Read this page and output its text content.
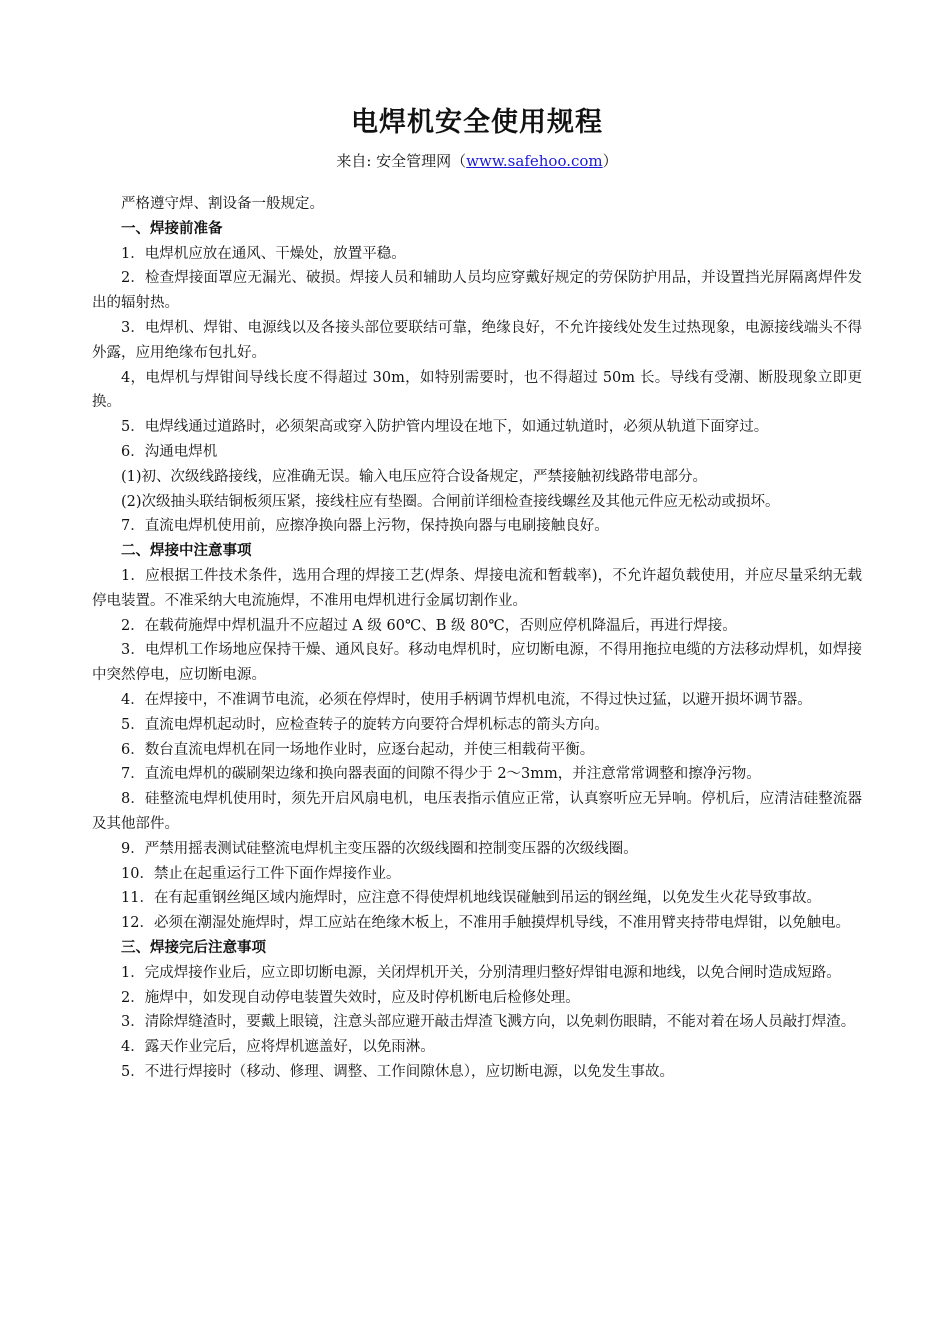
电焊机安全使用规程
来自: 安全管理网（www.safehoo.com）

严格遵守焊、割设备一般规定。

一、焊接前准备

1．电焊机应放在通风、干燥处，放置平稳。

2．检查焊接面罩应无漏光、破损。焊接人员和辅助人员均应穿戴好规定的劳保防护用品，并设置挡光屏隔离焊件发出的辐射热。

3．电焊机、焊钳、电源线以及各接头部位要联结可靠，绝缘良好，不允许接线处发生过热现象，电源接线端头不得外露，应用绝缘布包扎好。

4，电焊机与焊钳间导线长度不得超过 30m，如特别需要时，也不得超过 50m 长。导线有受潮、断股现象立即更换。

5．电焊线通过道路时，必须架高或穿入防护管内埋设在地下，如通过轨道时，必须从轨道下面穿过。

6．沟通电焊机

(1)初、次级线路接线，应准确无误。输入电压应符合设备规定，严禁接触初线路带电部分。

(2)次级抽头联结铜板须压紧，接线柱应有垫圈。合闸前详细检查接线螺丝及其他元件应无松动或损坏。

7．直流电焊机使用前，应擦净换向器上污物，保持换向器与电刷接触良好。

二、焊接中注意事项

1．应根据工件技术条件，选用合理的焊接工艺(焊条、焊接电流和暂载率)，不允许超负载使用，并应尽量采纳无载停电装置。不准采纳大电流施焊，不准用电焊机进行金属切割作业。

2．在载荷施焊中焊机温升不应超过 A 级 60℃、B 级 80℃，否则应停机降温后，再进行焊接。

3．电焊机工作场地应保持干燥、通风良好。移动电焊机时，应切断电源，不得用拖拉电缆的方法移动焊机，如焊接中突然停电，应切断电源。

4．在焊接中，不准调节电流，必须在停焊时，使用手柄调节焊机电流，不得过快过猛，以避开损坏调节器。

5．直流电焊机起动时，应检查转子的旋转方向要符合焊机标志的箭头方向。

6．数台直流电焊机在同一场地作业时，应逐台起动，并使三相载荷平衡。

7．直流电焊机的碳刷架边缘和换向器表面的间隙不得少于 2～3mm，并注意常常调整和擦净污物。

8．硅整流电焊机使用时，须先开启风扇电机，电压表指示值应正常，认真察听应无异响。停机后，应清洁硅整流器及其他部件。

9．严禁用摇表测试硅整流电焊机主变压器的次级线圈和控制变压器的次级线圈。

10．禁止在起重运行工件下面作焊接作业。

11．在有起重钢丝绳区域内施焊时，应注意不得使焊机地线误碰触到吊运的钢丝绳，以免发生火花导致事故。

12．必须在潮湿处施焊时，焊工应站在绝缘木板上，不准用手触摸焊机导线，不准用臂夹持带电焊钳，以免触电。

三、焊接完后注意事项

1．完成焊接作业后，应立即切断电源，关闭焊机开关，分别清理归整好焊钳电源和地线，以免合闸时造成短路。

2．施焊中，如发现自动停电装置失效时，应及时停机断电后检修处理。

3．清除焊缝渣时，要戴上眼镜，注意头部应避开敲击焊渣飞溅方向，以免刺伤眼睛，不能对着在场人员敲打焊渣。

4．露天作业完后，应将焊机遮盖好，以免雨淋。

5．不进行焊接时（移动、修理、调整、工作间隙休息），应切断电源，以免发生事故。
